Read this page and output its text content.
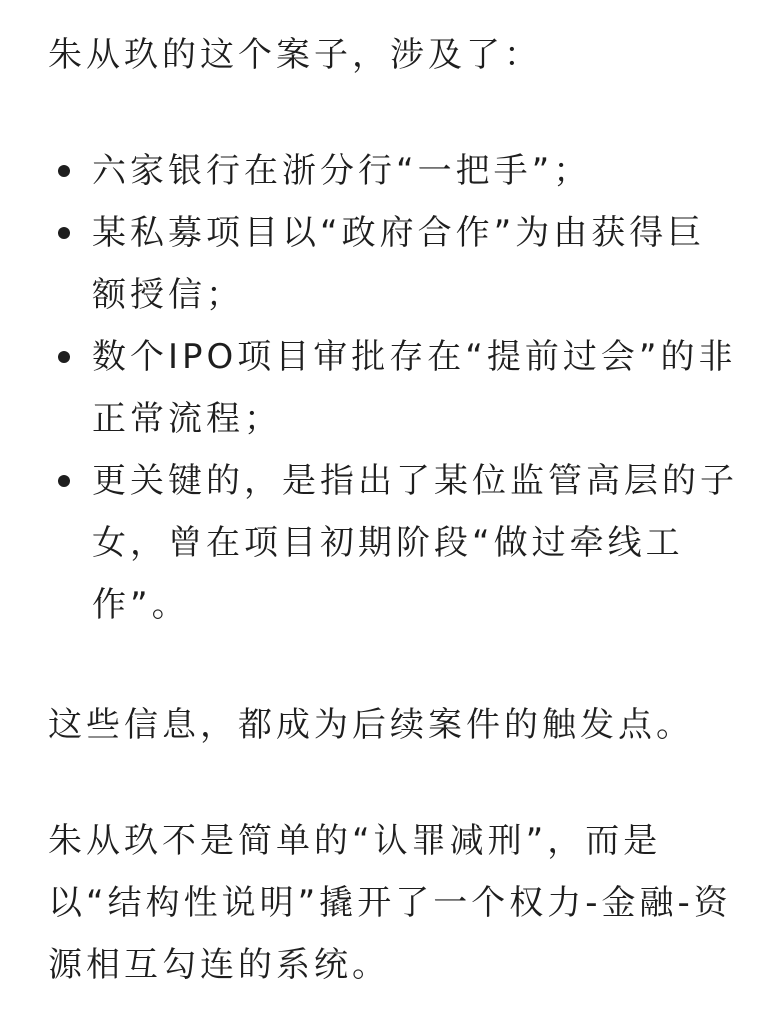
朱从玖的这个案子，涉及了：

六家银行在浙分行“一把手”；
某私募项目以“政府合作”为由获得巨额授信；
数个IPO项目审批存在“提前过会”的非正常流程；
更关键的，是指出了某位监管高层的子女，曾在项目初期阶段“做过牵线工作”。

这些信息，都成为后续案件的触发点。

朱从玖不是简单的“认罪减刑”，而是以“结构性说明”撬开了一个权力-金融-资源相互勾连的系统。
